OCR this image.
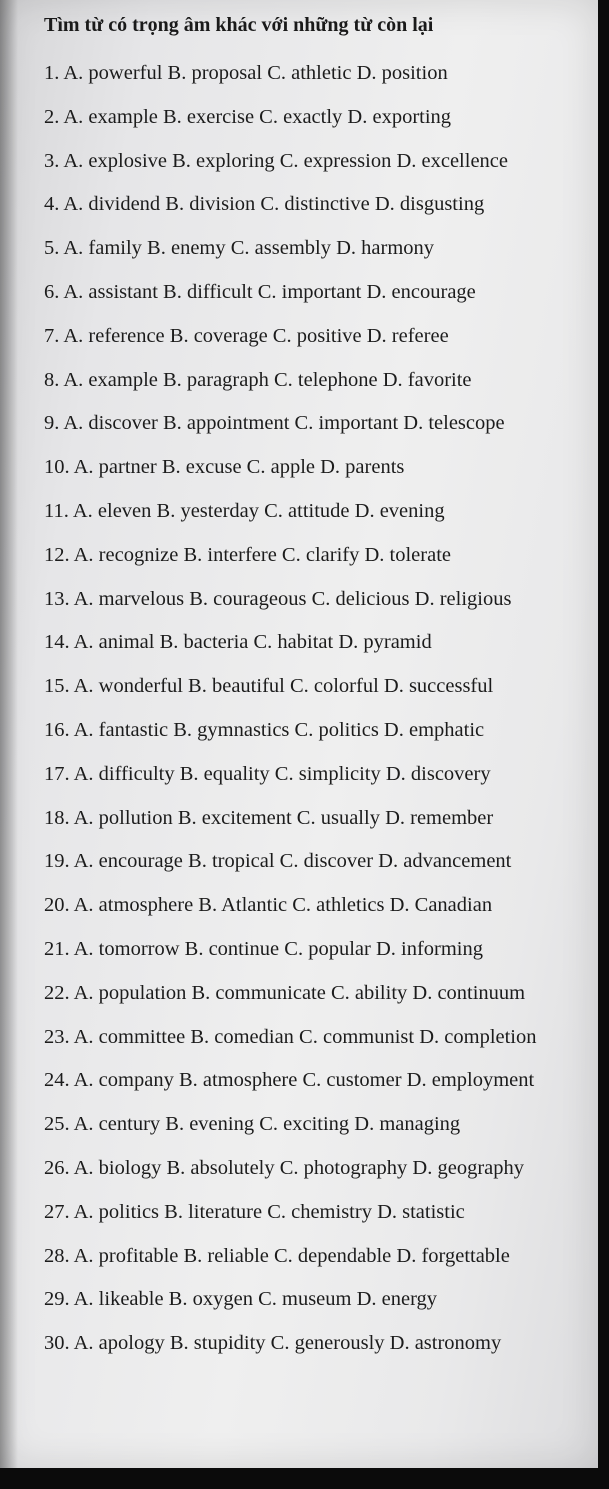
Tìm từ có trọng âm khác với những từ còn lại
1. A. powerful B. proposal C. athletic D. position
2. A. example B. exercise C. exactly D. exporting
3. A. explosive B. exploring C. expression D. excellence
4. A. dividend B. division C. distinctive D. disgusting
5. A. family B. enemy C. assembly D. harmony
6. A. assistant B. difficult C. important D. encourage
7. A. reference B. coverage C. positive D. referee
8. A. example B. paragraph C. telephone D. favorite
9. A. discover B. appointment C. important D. telescope
10. A. partner B. excuse C. apple D. parents
11. A. eleven B. yesterday C. attitude D. evening
12. A. recognize B. interfere C. clarify D. tolerate
13. A. marvelous B. courageous C. delicious D. religious
14. A. animal B. bacteria C. habitat D. pyramid
15. A. wonderful B. beautiful C. colorful D. successful
16. A. fantastic B. gymnastics C. politics D. emphatic
17. A. difficulty B. equality C. simplicity D. discovery
18. A. pollution B. excitement C. usually D. remember
19. A. encourage B. tropical C. discover D. advancement
20. A. atmosphere B. Atlantic C. athletics D. Canadian
21. A. tomorrow B. continue C. popular D. informing
22. A. population B. communicate C. ability D. continuum
23. A. committee B. comedian C. communist D. completion
24. A. company B. atmosphere C. customer D. employment
25. A. century B. evening C. exciting D. managing
26. A. biology B. absolutely C. photography D. geography
27. A. politics B. literature C. chemistry D. statistic
28. A. profitable B. reliable C. dependable D. forgettable
29. A. likeable B. oxygen C. museum D. energy
30. A. apology B. stupidity C. generously D. astronomy
